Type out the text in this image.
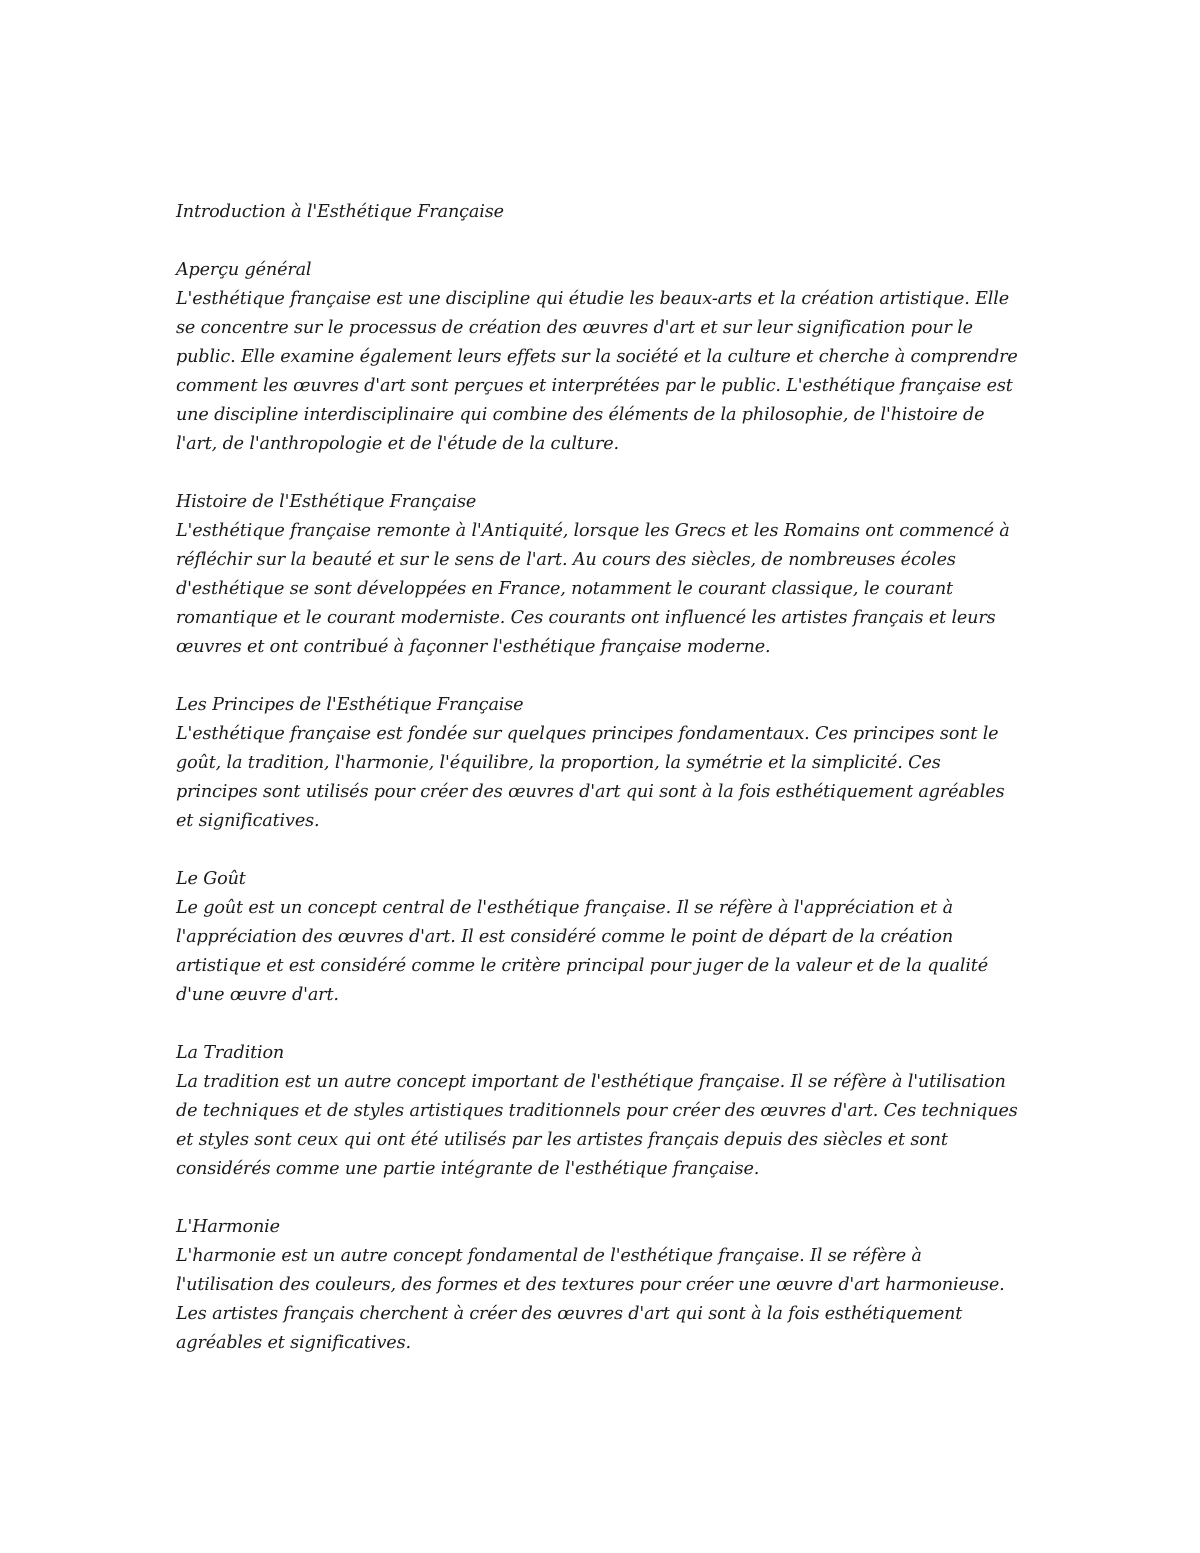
Introduction à l'Esthétique Française
Aperçu général
L'esthétique française est une discipline qui étudie les beaux-arts et la création artistique. Elle
se concentre sur le processus de création des œuvres d'art et sur leur signification pour le
public. Elle examine également leurs effets sur la société et la culture et cherche à comprendre
comment les œuvres d'art sont perçues et interprétées par le public. L'esthétique française est
une discipline interdisciplinaire qui combine des éléments de la philosophie, de l'histoire de
l'art, de l'anthropologie et de l'étude de la culture.
Histoire de l'Esthétique Française
L'esthétique française remonte à l'Antiquité, lorsque les Grecs et les Romains ont commencé à
réfléchir sur la beauté et sur le sens de l'art. Au cours des siècles, de nombreuses écoles
d'esthétique se sont développées en France, notamment le courant classique, le courant
romantique et le courant moderniste. Ces courants ont influencé les artistes français et leurs
œuvres et ont contribué à façonner l'esthétique française moderne.
Les Principes de l'Esthétique Française
L'esthétique française est fondée sur quelques principes fondamentaux. Ces principes sont le
goût, la tradition, l'harmonie, l'équilibre, la proportion, la symétrie et la simplicité. Ces
principes sont utilisés pour créer des œuvres d'art qui sont à la fois esthétiquement agréables
et significatives.
Le Goût
Le goût est un concept central de l'esthétique française. Il se réfère à l'appréciation et à
l'appréciation des œuvres d'art. Il est considéré comme le point de départ de la création
artistique et est considéré comme le critère principal pour juger de la valeur et de la qualité
d'une œuvre d'art.
La Tradition
La tradition est un autre concept important de l'esthétique française. Il se réfère à l'utilisation
de techniques et de styles artistiques traditionnels pour créer des œuvres d'art. Ces techniques
et styles sont ceux qui ont été utilisés par les artistes français depuis des siècles et sont
considérés comme une partie intégrante de l'esthétique française.
L'Harmonie
L'harmonie est un autre concept fondamental de l'esthétique française. Il se réfère à
l'utilisation des couleurs, des formes et des textures pour créer une œuvre d'art harmonieuse.
Les artistes français cherchent à créer des œuvres d'art qui sont à la fois esthétiquement
agréables et significatives.
